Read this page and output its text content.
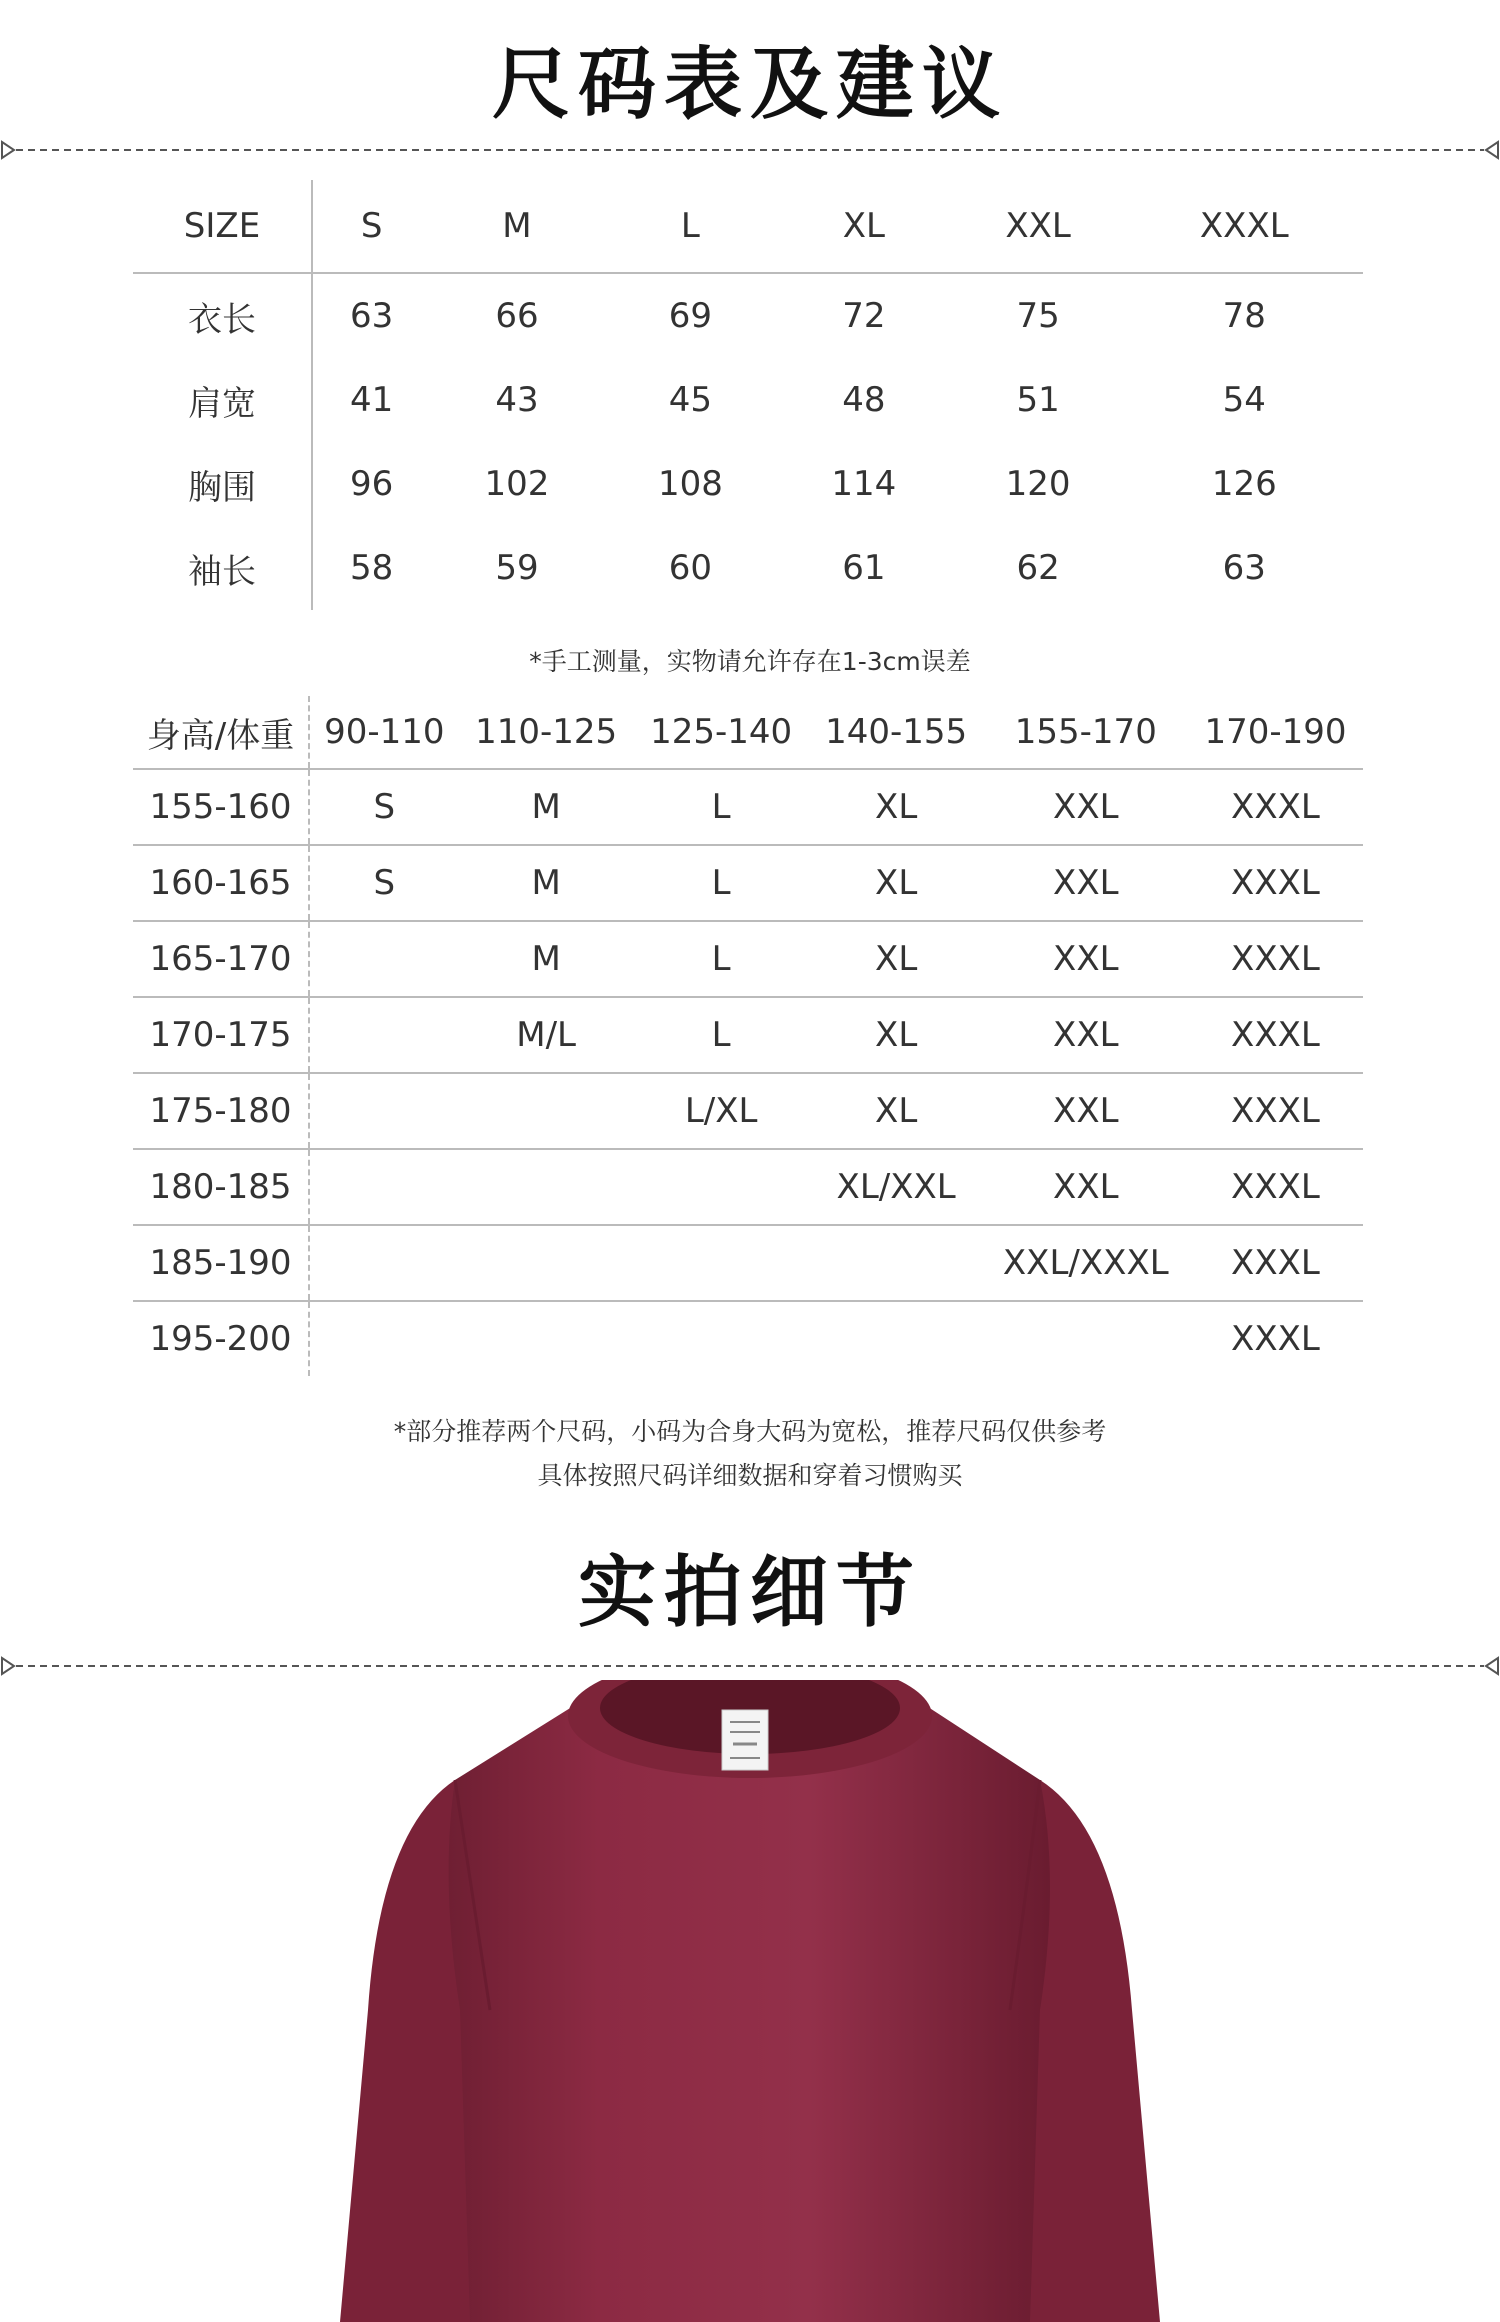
尺码表及建议
SIZE	S	M	L	XL	XXL	XXXL
衣长	63	66	69	72	75	78
肩宽	41	43	45	48	51	54
胸围	96	102	108	114	120	126
袖长	58	59	60	61	62	63
*手工测量，实物请允许存在1-3cm误差
身高/体重	90-110	110-125	125-140	140-155	155-170	170-190
155-160	S	M	L	XL	XXL	XXXL
160-165	S	M	L	XL	XXL	XXXL
165-170		M	L	XL	XXL	XXXL
170-175		M/L	L	XL	XXL	XXXL
175-180			L/XL	XL	XXL	XXXL
180-185				XL/XXL	XXL	XXXL
185-190					XXL/XXXL	XXXL
195-200						XXXL
*部分推荐两个尺码，小码为合身大码为宽松，推荐尺码仅供参考
具体按照尺码详细数据和穿着习惯购买
实拍细节
